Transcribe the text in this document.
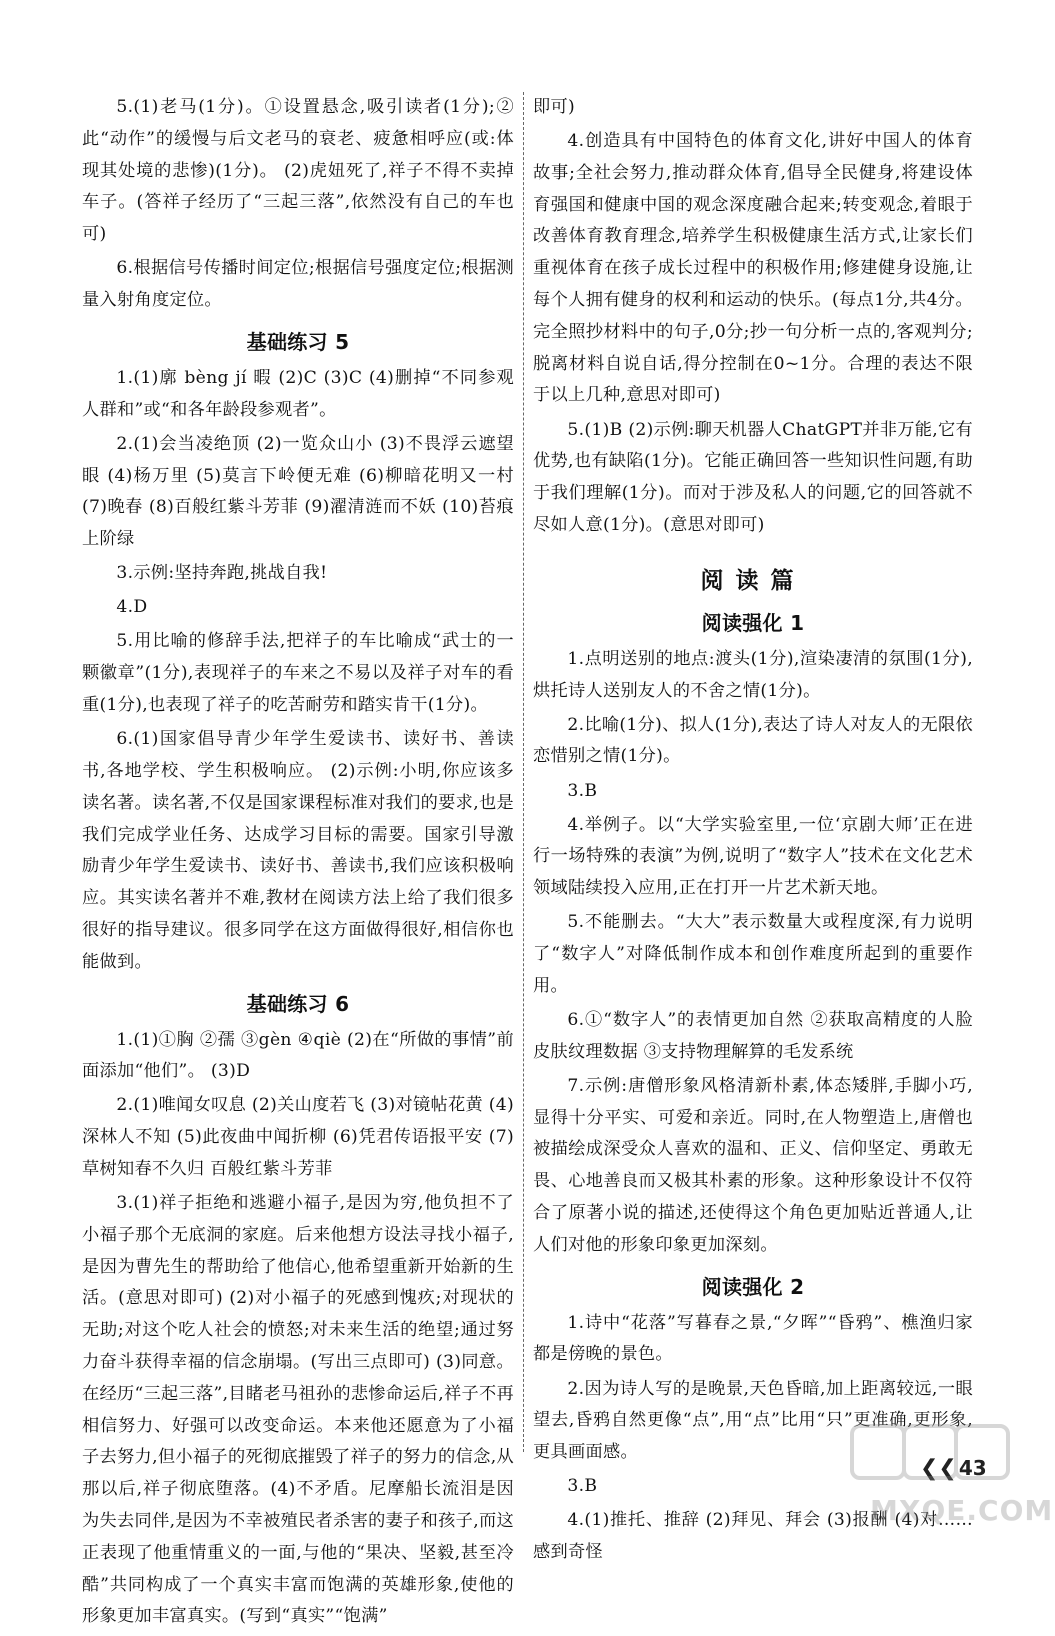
5.(1)老马(1分)。①设置悬念,吸引读者(1分);②此“动作”的缓慢与后文老马的衰老、疲惫相呼应(或:体现其处境的悲惨)(1分)。 (2)虎妞死了,祥子不得不卖掉车子。(答祥子经历了“三起三落”,依然没有自己的车也可)
6.根据信号传播时间定位;根据信号强度定位;根据测量入射角度定位。
基础练习 5
1.(1)廓 bèng jí 暇 (2)C (3)C (4)删掉“不同参观人群和”或“和各年龄段参观者”。
2.(1)会当凌绝顶 (2)一览众山小 (3)不畏浮云遮望眼 (4)杨万里 (5)莫言下岭便无难 (6)柳暗花明又一村 (7)晚春 (8)百般红紫斗芳菲 (9)濯清涟而不妖 (10)苔痕上阶绿
3.示例:坚持奔跑,挑战自我!
4.D
5.用比喻的修辞手法,把祥子的车比喻成“武士的一颗徽章”(1分),表现祥子的车来之不易以及祥子对车的看重(1分),也表现了祥子的吃苦耐劳和踏实肯干(1分)。
6.(1)国家倡导青少年学生爱读书、读好书、善读书,各地学校、学生积极响应。 (2)示例:小明,你应该多读名著。读名著,不仅是国家课程标准对我们的要求,也是我们完成学业任务、达成学习目标的需要。国家引导激励青少年学生爱读书、读好书、善读书,我们应该积极响应。其实读名著并不难,教材在阅读方法上给了我们很多很好的指导建议。很多同学在这方面做得很好,相信你也能做到。
基础练习 6
1.(1)①胸 ②孺 ③gèn ④qiè (2)在“所做的事情”前面添加“他们”。 (3)D
2.(1)唯闻女叹息 (2)关山度若飞 (3)对镜帖花黄 (4)深林人不知 (5)此夜曲中闻折柳 (6)凭君传语报平安 (7)草树知春不久归 百般红紫斗芳菲
3.(1)祥子拒绝和逃避小福子,是因为穷,他负担不了小福子那个无底洞的家庭。后来他想方设法寻找小福子,是因为曹先生的帮助给了他信心,他希望重新开始新的生活。(意思对即可) (2)对小福子的死感到愧疚;对现状的无助;对这个吃人社会的愤怒;对未来生活的绝望;通过努力奋斗获得幸福的信念崩塌。(写出三点即可) (3)同意。在经历“三起三落”,目睹老马祖孙的悲惨命运后,祥子不再相信努力、好强可以改变命运。本来他还愿意为了小福子去努力,但小福子的死彻底摧毁了祥子的努力的信念,从那以后,祥子彻底堕落。(4)不矛盾。尼摩船长流泪是因为失去同伴,是因为不幸被殖民者杀害的妻子和孩子,而这正表现了他重情重义的一面,与他的“果决、坚毅,甚至冷酷”共同构成了一个真实丰富而饱满的英雄形象,使他的形象更加丰富真实。(写到“真实”“饱满”
即可)
4.创造具有中国特色的体育文化,讲好中国人的体育故事;全社会努力,推动群众体育,倡导全民健身,将建设体育强国和健康中国的观念深度融合起来;转变观念,着眼于改善体育教育理念,培养学生积极健康生活方式,让家长们重视体育在孩子成长过程中的积极作用;修建健身设施,让每个人拥有健身的权利和运动的快乐。(每点1分,共4分。完全照抄材料中的句子,0分;抄一句分析一点的,客观判分;脱离材料自说自话,得分控制在0~1分。合理的表达不限于以上几种,意思对即可)
5.(1)B (2)示例:聊天机器人ChatGPT并非万能,它有优势,也有缺陷(1分)。它能正确回答一些知识性问题,有助于我们理解(1分)。而对于涉及私人的问题,它的回答就不尽如人意(1分)。(意思对即可)
阅读篇
阅读强化 1
1.点明送别的地点:渡头(1分),渲染凄清的氛围(1分),烘托诗人送别友人的不舍之情(1分)。
2.比喻(1分)、拟人(1分),表达了诗人对友人的无限依恋惜别之情(1分)。
3.B
4.举例子。以“大学实验室里,一位‘京剧大师’正在进行一场特殊的表演”为例,说明了“数字人”技术在文化艺术领域陆续投入应用,正在打开一片艺术新天地。
5.不能删去。“大大”表示数量大或程度深,有力说明了“数字人”对降低制作成本和创作难度所起到的重要作用。
6.①“数字人”的表情更加自然 ②获取高精度的人脸皮肤纹理数据 ③支持物理解算的毛发系统
7.示例:唐僧形象风格清新朴素,体态矮胖,手脚小巧,显得十分平实、可爱和亲近。同时,在人物塑造上,唐僧也被描绘成深受众人喜欢的温和、正义、信仰坚定、勇敢无畏、心地善良而又极其朴素的形象。这种形象设计不仅符合了原著小说的描述,还使得这个角色更加贴近普通人,让人们对他的形象印象更加深刻。
阅读强化 2
1.诗中“花落”写暮春之景,“夕晖”“昏鸦”、樵渔归家都是傍晚的景色。
2.因为诗人写的是晚景,天色昏暗,加上距离较远,一眼望去,昏鸦自然更像“点”,用“点”比用“只”更准确,更形象,更具画面感。
3.B
4.(1)推托、推辞 (2)拜见、拜会 (3)报酬 (4)对……感到奇怪
❮❮ 43
MXQE.COM
